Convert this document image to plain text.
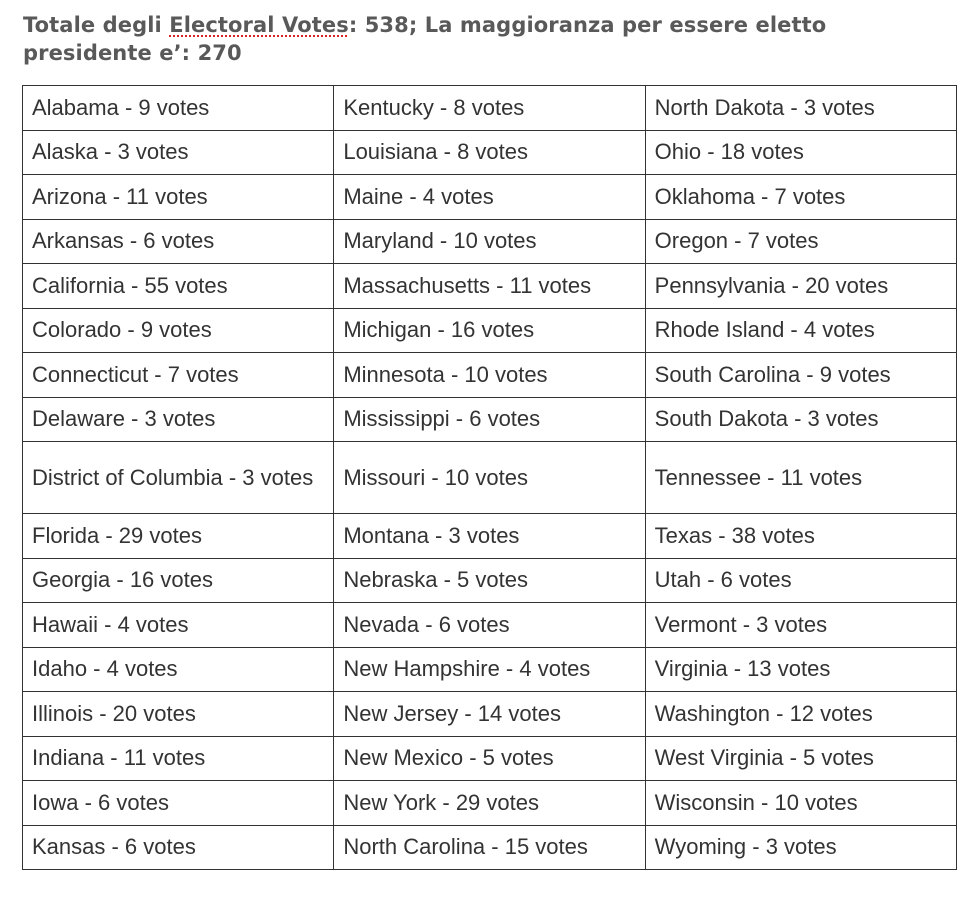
Totale degli Electoral Votes: 538; La maggioranza per essere eletto presidente e’: 270

Alabama - 9 votes	Kentucky - 8 votes	North Dakota - 3 votes
Alaska - 3 votes	Louisiana - 8 votes	Ohio - 18 votes
Arizona - 11 votes	Maine - 4 votes	Oklahoma - 7 votes
Arkansas - 6 votes	Maryland - 10 votes	Oregon - 7 votes
California - 55 votes	Massachusetts - 11 votes	Pennsylvania - 20 votes
Colorado - 9 votes	Michigan - 16 votes	Rhode Island - 4 votes
Connecticut - 7 votes	Minnesota - 10 votes	South Carolina - 9 votes
Delaware - 3 votes	Mississippi - 6 votes	South Dakota - 3 votes
District of Columbia - 3 votes	Missouri - 10 votes	Tennessee - 11 votes
Florida - 29 votes	Montana - 3 votes	Texas - 38 votes
Georgia - 16 votes	Nebraska - 5 votes	Utah - 6 votes
Hawaii - 4 votes	Nevada - 6 votes	Vermont - 3 votes
Idaho - 4 votes	New Hampshire - 4 votes	Virginia - 13 votes
Illinois - 20 votes	New Jersey - 14 votes	Washington - 12 votes
Indiana - 11 votes	New Mexico - 5 votes	West Virginia - 5 votes
Iowa - 6 votes	New York - 29 votes	Wisconsin - 10 votes
Kansas - 6 votes	North Carolina - 15 votes	Wyoming - 3 votes
